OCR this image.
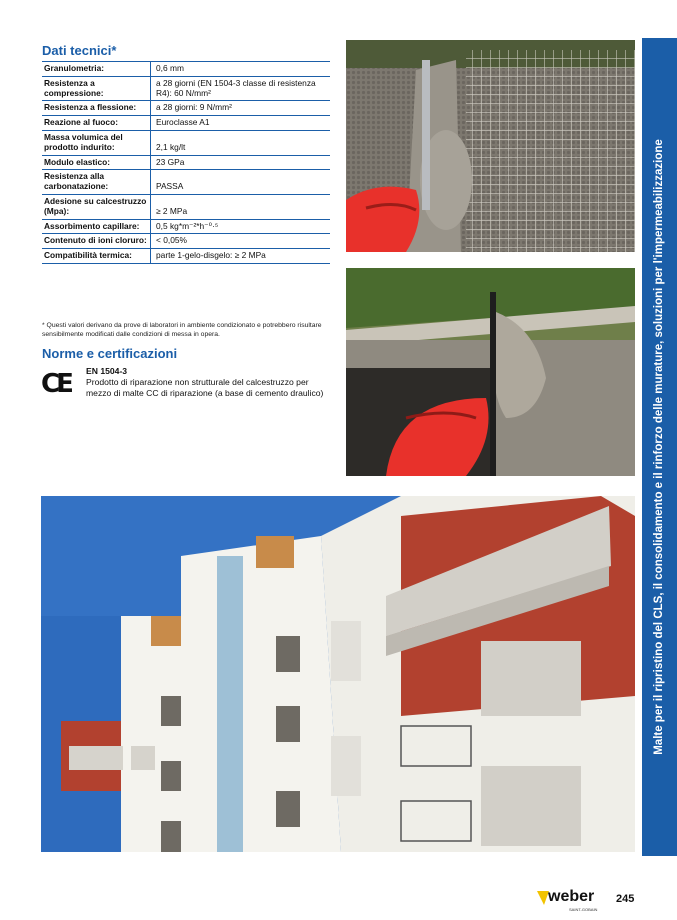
Dati tecnici*
Granulometria:	0,6 mm
Resistenza a compressione:	a 28 giorni (EN 1504-3 classe di resistenza R4): 60 N/mm²
Resistenza a flessione:	a 28 giorni: 9 N/mm²
Reazione al fuoco:	Euroclasse A1
Massa volumica del prodotto indurito:	2,1 kg/lt
Modulo elastico:	23 GPa
Resistenza alla carbonatazione:	PASSA
Adesione su calcestruzzo (Mpa):	≥ 2 MPa
Assorbimento capillare:	0,5 kg*m⁻²*h⁻⁰·⁵
Contenuto di ioni cloruro:	< 0,05%
Compatibilità termica:	parte 1-gelo-disgelo: ≥ 2 MPa

* Questi valori derivano da prove di laboratori in ambiente condizionato e potrebbero risultare sensibilmente modificati dalle condizioni di messa in opera.

Norme e certificazioni
CE EN 1504-3

Prodotto di riparazione non strutturale del calcestruzzo per mezzo di malte CC di riparazione (a base di cemento draulico)	Malte per il ripristino del CLS, il consolidamento e il rinforzo delle murature, soluzioni per l'impermeabilizzazione
weber
SAINT-GOBAIN
245
